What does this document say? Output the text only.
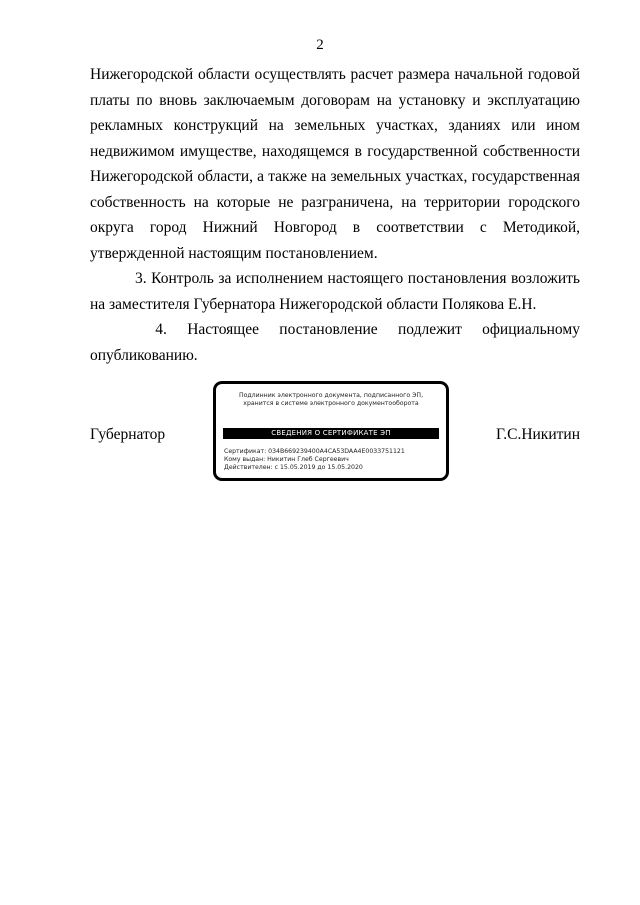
2

Нижегородской области осуществлять расчет размера начальной годовой платы по вновь заключаемым договорам на установку и эксплуатацию рекламных конструкций на земельных участках, зданиях или ином недвижимом имуществе, находящемся в государственной собственности Нижегородской области, а также на земельных участках, государственная собственность на которые не разграничена, на территории городского округа город Нижний Новгород в соответствии с Методикой, утвержденной настоящим постановлением.

3. Контроль за исполнением настоящего постановления возложить на заместителя Губернатора Нижегородской области Полякова Е.Н.

4. Настоящее постановление подлежит официальному
опубликованию.
Губернатор
Подлинник электронного документа, подписанного ЭП,
хранится в системе электронного документооборота
СВЕДЕНИЯ О СЕРТИФИКАТЕ ЭП
Сертификат: 034B669239400A4CA53DAA4E0033751121
Кому выдан: Никитин Глеб Сергеевич
Действителен: с 15.05.2019 до 15.05.2020
Г.С.Никитин
